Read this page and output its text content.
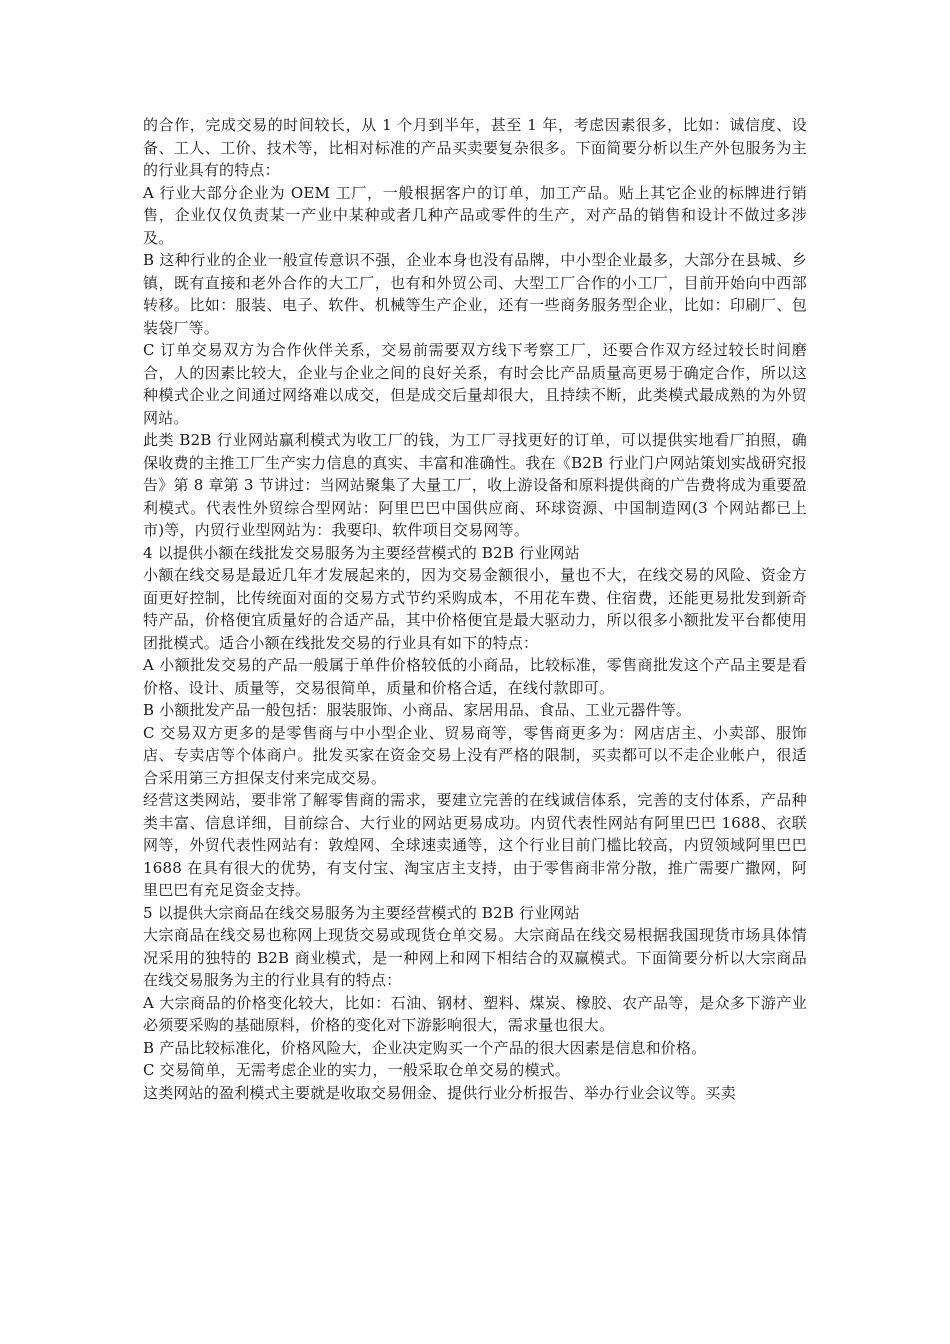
的合作，完成交易的时间较长，从 1 个月到半年，甚至 1 年，考虑因素很多，比如：诚信度、设备、工人、工价、技术等，比相对标准的产品买卖要复杂很多。下面简要分析以生产外包服务为主的行业具有的特点：

A 行业大部分企业为 OEM 工厂，一般根据客户的订单，加工产品。贴上其它企业的标牌进行销售，企业仅仅负责某一产业中某种或者几种产品或零件的生产，对产品的销售和设计不做过多涉及。

B 这种行业的企业一般宣传意识不强，企业本身也没有品牌，中小型企业最多，大部分在县城、乡镇，既有直接和老外合作的大工厂，也有和外贸公司、大型工厂合作的小工厂，目前开始向中西部转移。比如：服装、电子、软件、机械等生产企业，还有一些商务服务型企业，比如：印刷厂、包装袋厂等。

C 订单交易双方为合作伙伴关系，交易前需要双方线下考察工厂，还要合作双方经过较长时间磨合，人的因素比较大，企业与企业之间的良好关系，有时会比产品质量高更易于确定合作，所以这种模式企业之间通过网络难以成交，但是成交后量却很大，且持续不断，此类模式最成熟的为外贸网站。

此类 B2B 行业网站赢利模式为收工厂的钱，为工厂寻找更好的订单，可以提供实地看厂拍照，确保收费的主推工厂生产实力信息的真实、丰富和准确性。我在《B2B 行业门户网站策划实战研究报告》第 8 章第 3 节讲过：当网站聚集了大量工厂，收上游设备和原料提供商的广告费将成为重要盈利模式。代表性外贸综合型网站：阿里巴巴中国供应商、环球资源、中国制造网(3 个网站都已上市)等，内贸行业型网站为：我要印、软件项目交易网等。

4 以提供小额在线批发交易服务为主要经营模式的 B2B 行业网站

小额在线交易是最近几年才发展起来的，因为交易金额很小，量也不大，在线交易的风险、资金方面更好控制，比传统面对面的交易方式节约采购成本，不用花车费、住宿费，还能更易批发到新奇特产品，价格便宜质量好的合适产品，其中价格便宜是最大驱动力，所以很多小额批发平台都使用团批模式。适合小额在线批发交易的行业具有如下的特点：

A 小额批发交易的产品一般属于单件价格较低的小商品，比较标准，零售商批发这个产品主要是看价格、设计、质量等，交易很简单，质量和价格合适，在线付款即可。

B 小额批发产品一般包括：服装服饰、小商品、家居用品、食品、工业元器件等。

C 交易双方更多的是零售商与中小型企业、贸易商等，零售商更多为：网店店主、小卖部、服饰店、专卖店等个体商户。批发买家在资金交易上没有严格的限制，买卖都可以不走企业帐户，很适合采用第三方担保支付来完成交易。

经营这类网站，要非常了解零售商的需求，要建立完善的在线诚信体系，完善的支付体系，产品种类丰富、信息详细，目前综合、大行业的网站更易成功。内贸代表性网站有阿里巴巴 1688、衣联网等，外贸代表性网站有：敦煌网、全球速卖通等，这个行业目前门槛比较高，内贸领域阿里巴巴 1688 在具有很大的优势，有支付宝、淘宝店主支持，由于零售商非常分散，推广需要广撒网，阿里巴巴有充足资金支持。

5 以提供大宗商品在线交易服务为主要经营模式的 B2B 行业网站

大宗商品在线交易也称网上现货交易或现货仓单交易。大宗商品在线交易根据我国现货市场具体情况采用的独特的 B2B 商业模式，是一种网上和网下相结合的双赢模式。下面简要分析以大宗商品在线交易服务为主的行业具有的特点：

A 大宗商品的价格变化较大，比如：石油、钢材、塑料、煤炭、橡胶、农产品等，是众多下游产业必须要采购的基础原料，价格的变化对下游影响很大，需求量也很大。

B 产品比较标准化，价格风险大，企业决定购买一个产品的很大因素是信息和价格。

C 交易简单，无需考虑企业的实力，一般采取仓单交易的模式。

这类网站的盈利模式主要就是收取交易佣金、提供行业分析报告、举办行业会议等。买卖
